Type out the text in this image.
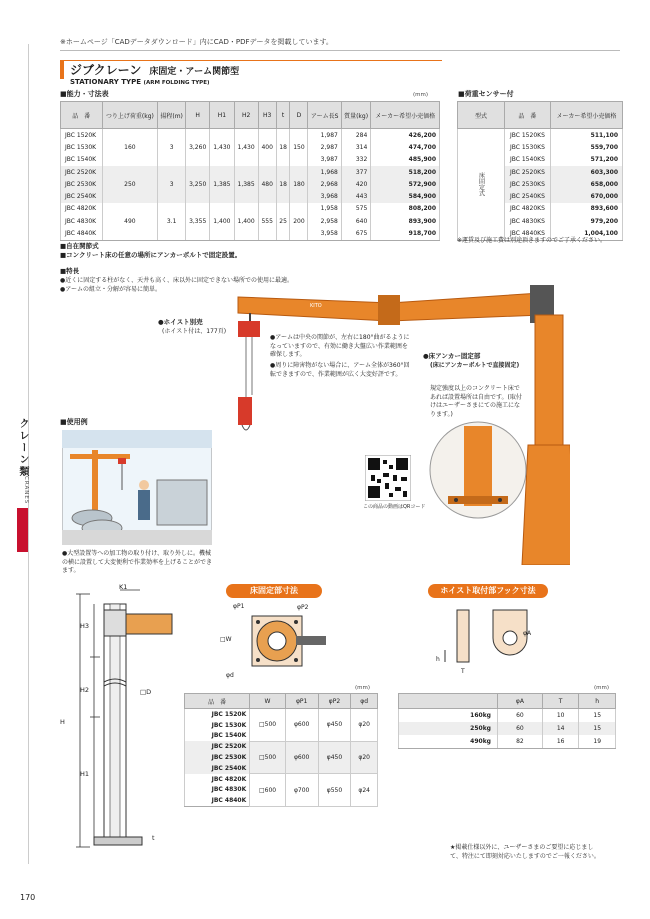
※ホームページ「CADデータダウンロード」内にCAD・PDFデータを掲載しています。
クレーン類
CRANES
170
ジブクレーン 床固定・アーム関節型
STATIONARY TYPE (ARM FOLDING TYPE)
■能力・寸法表	(mm)
品　番	つり上げ荷重(kg)	揚程(m)	H	H1	H2	H3	t	D	アーム長S	質量(kg)	メーカー希望小売価格
JBC 1520K									1,987	284	426,200
JBC 1530K	160	3	3,260	1,430	1,430	400	18	150	2,987	314	474,700
JBC 1540K									3,987	332	485,900
JBC 2520K									1,968	377	518,200
JBC 2530K	250	3	3,250	1,385	1,385	480	18	180	2,968	420	572,900
JBC 2540K									3,968	443	584,900
JBC 4820K									1,958	575	808,200
JBC 4830K	490	3.1	3,355	1,400	1,400	555	25	200	2,958	640	893,900
JBC 4840K									3,958	675	918,700
■荷重センサー付
型式	品　番	メーカー希望小売価格
床固定式	JBC 1520KS	511,100
	JBC 1530KS	559,700
	JBC 1540KS	571,200
	JBC 2520KS	603,300
	JBC 2530KS	658,000
	JBC 2540KS	670,000
	JBC 4820KS	893,600
	JBC 4830KS	979,200
	JBC 4840KS	1,004,100
※運賃及び施工費は別途頂きますのでご了承ください。
■自在関節式
■コンクリート床の任意の場所にアンカーボルトで固定設置。
■特長
●近くに固定する柱がなく、天井も高く、床以外に固定できない場所での使用に最適。
●アームの組立・分解が容易に簡単。
KITO
●ホイスト別売
(ホイスト付は、177頁)
●アームは中央の関節が、左右に180°曲がるようになっていますので、有効に働き大盤広い作業範囲を確保します。
●周りに障害物がない場合に、アーム全体が360°回転できますので、作業範囲が広く大変好評です。
●床アンカー固定部
(床にアンカーボルトで直接固定)
規定強度以上のコンクリート床であれば設置場所は自由です。(取付けはユーザーさまにての施工になります。)
この商品の動画はQRコード
■使用例
●大型設置等への加工物の取り付け、取り外しに。機械の横に設置して大変便利で作業効率を上げることができます。
K1
H3
H2
H
H1
□D
t
床固定部寸法
φP1	φP2
□W
φd
(mm)
品　番	W	φP1	φP2	φd
JBC 1520K	□500	φ600	φ450	φ20
JBC 1530K				
JBC 1540K				
JBC 2520K	□500	φ600	φ450	φ20
JBC 2530K				
JBC 2540K				
JBC 4820K	□600	φ700	φ550	φ24
JBC 4830K				
JBC 4840K				
ホイスト取付部フック寸法
φA
T
h
(mm)
	φA	T	h
160kg	60	10	15
250kg	60	14	15
490kg	82	16	19
★掲載仕様以外に、ユーザーさまのご要望に応じまして、特注にて即刻対応いたしますのでご一報ください。
